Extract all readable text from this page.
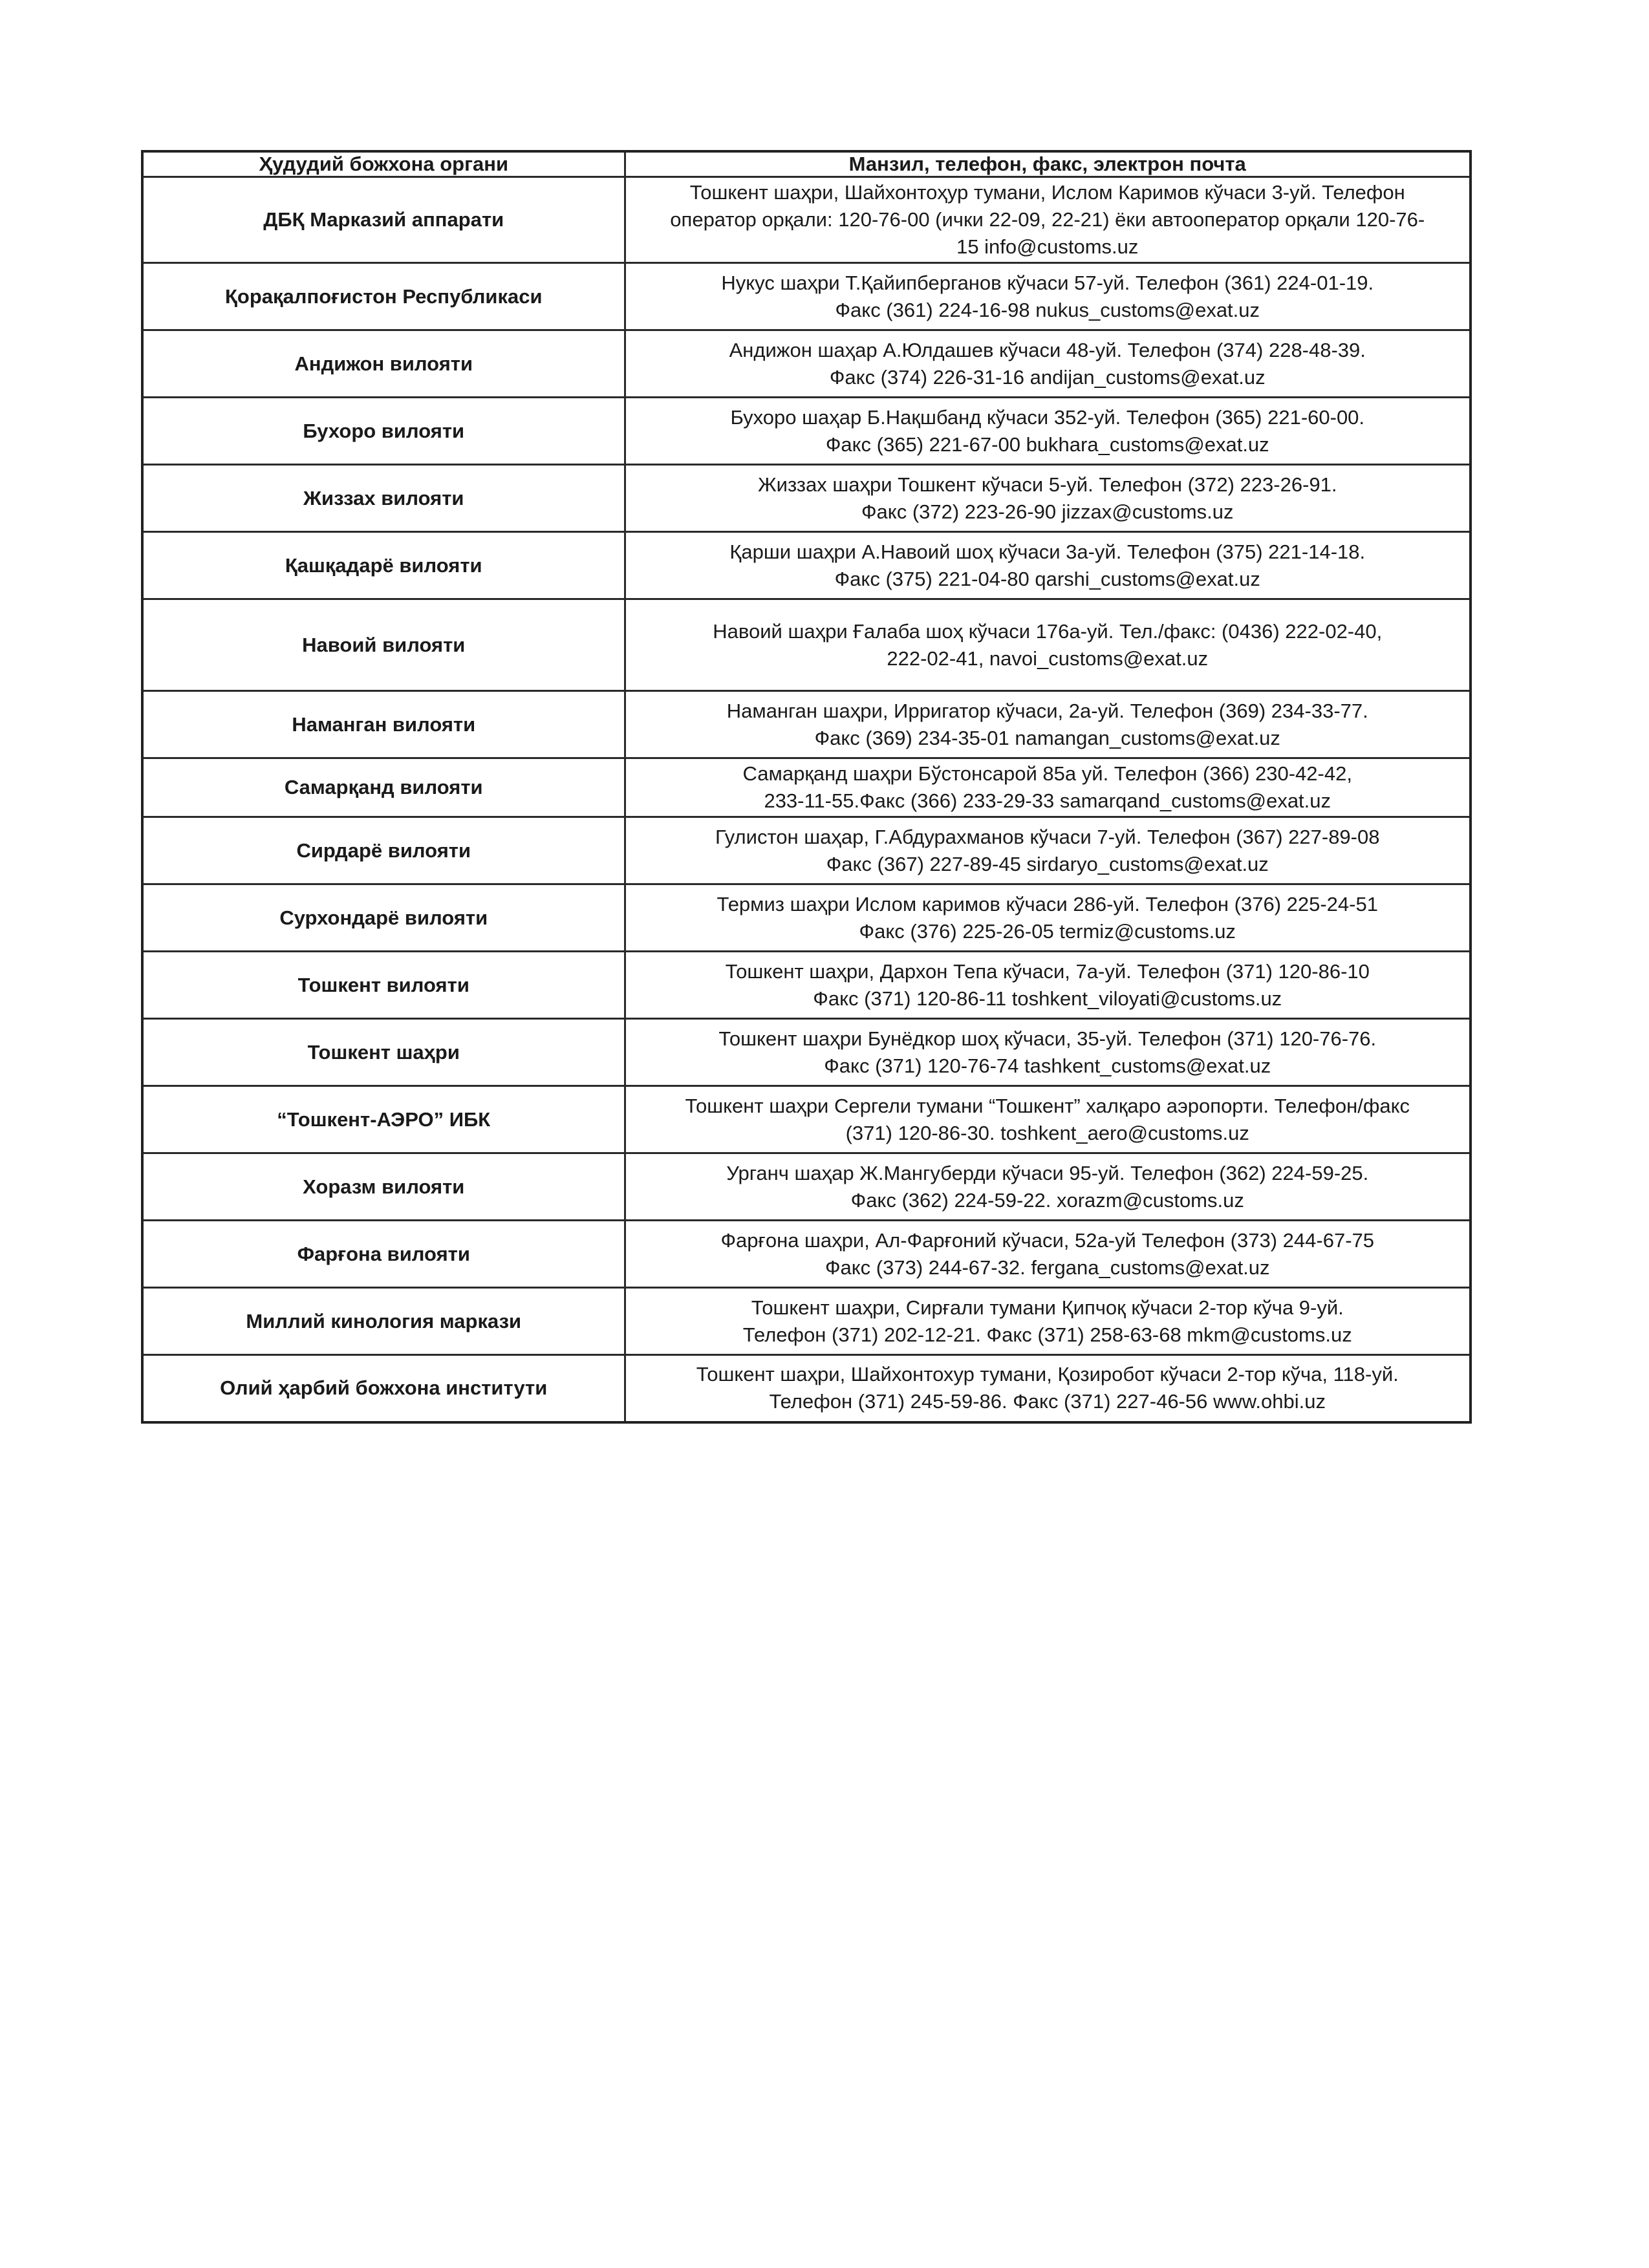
Ҳудудий божхона органи	Манзил, телефон, факс, электрон почта
ДБҚ Марказий аппарати	Тошкент шаҳри, Шайхонтоҳур тумани, Ислом Каримов кўчаси 3-уй. Телефон
оператор орқали: 120-76-00 (ички 22-09, 22-21) ёки автооператор орқали 120-76-
15 info@customs.uz

Қорақалпоғистон Республикаси	Нукус шаҳри Т.Қайипберганов кўчаси 57-уй. Телефон (361) 224-01-19.
Факс (361) 224-16-98 nukus_customs@exat.uz

Андижон вилояти	Андижон шаҳар А.Юлдашев кўчаси 48-уй. Телефон (374) 228-48-39.
Факс (374) 226-31-16 andijan_customs@exat.uz

Бухоро вилояти	Бухоро шаҳар Б.Нақшбанд кўчаси 352-уй. Телефон (365) 221-60-00.
Факс (365) 221-67-00 bukhara_customs@exat.uz

Жиззах вилояти	Жиззах шаҳри Тошкент кўчаси 5-уй. Телефон (372) 223-26-91.
Факс (372) 223-26-90 jizzax@customs.uz

Қашқадарё вилояти	Қарши шаҳри А.Навоий шоҳ кўчаси 3а-уй. Телефон (375) 221-14-18.
Факс (375) 221-04-80 qarshi_customs@exat.uz

Навоий вилояти	Навоий шаҳри Ғалаба шоҳ кўчаси 176а-уй. Тел./факс: (0436) 222-02-40,
222-02-41, navoi_customs@exat.uz

Наманган вилояти	Наманган шаҳри, Ирригатор кўчаси, 2а-уй. Телефон (369) 234-33-77.
Факс (369) 234-35-01 namangan_customs@exat.uz

Самарқанд вилояти	Самарқанд шаҳри Бўстонсарой 85а уй. Телефон (366) 230-42-42,
233-11-55.Факс (366) 233-29-33 samarqand_customs@exat.uz

Сирдарё вилояти	Гулистон шаҳар, Г.Абдурахманов кўчаси 7-уй. Телефон (367) 227-89-08
Факс (367) 227-89-45 sirdaryo_customs@exat.uz

Сурхондарё вилояти	Термиз шаҳри Ислом каримов кўчаси 286-уй. Телефон (376) 225-24-51
Факс (376) 225-26-05 termiz@customs.uz

Тошкент вилояти	Тошкент шаҳри, Дархон Тепа кўчаси, 7а-уй. Телефон (371) 120-86-10
Факс (371) 120-86-11 toshkent_viloyati@customs.uz

Тошкент шаҳри	Тошкент шаҳри Бунёдкор шоҳ кўчаси, 35-уй. Телефон (371) 120-76-76.
Факс (371) 120-76-74 tashkent_customs@exat.uz

“Тошкент-АЭРО” ИБК	Тошкент шаҳри Сергели тумани “Тошкент” халқаро аэропорти. Телефон/факс
(371) 120-86-30. toshkent_aero@customs.uz

Хоразм вилояти	Урганч шаҳар Ж.Мангуберди кўчаси 95-уй. Телефон (362) 224-59-25.
Факс (362) 224-59-22. xorazm@customs.uz

Фарғона вилояти	Фарғона шаҳри, Ал-Фарғоний кўчаси, 52а-уй Телефон (373) 244-67-75
Факс (373) 244-67-32. fergana_customs@exat.uz

Миллий кинология маркази	Тошкент шаҳри, Сирғали тумани Қипчоқ кўчаси 2-тор кўча 9-уй.
Телефон (371) 202-12-21. Факс (371) 258-63-68 mkm@customs.uz

Олий ҳарбий божхона институти	Тошкент шаҳри, Шайхонтохур тумани, Қозиробот кўчаси 2-тор кўча, 118-уй.
Телефон (371) 245-59-86. Факс (371) 227-46-56 www.ohbi.uz
